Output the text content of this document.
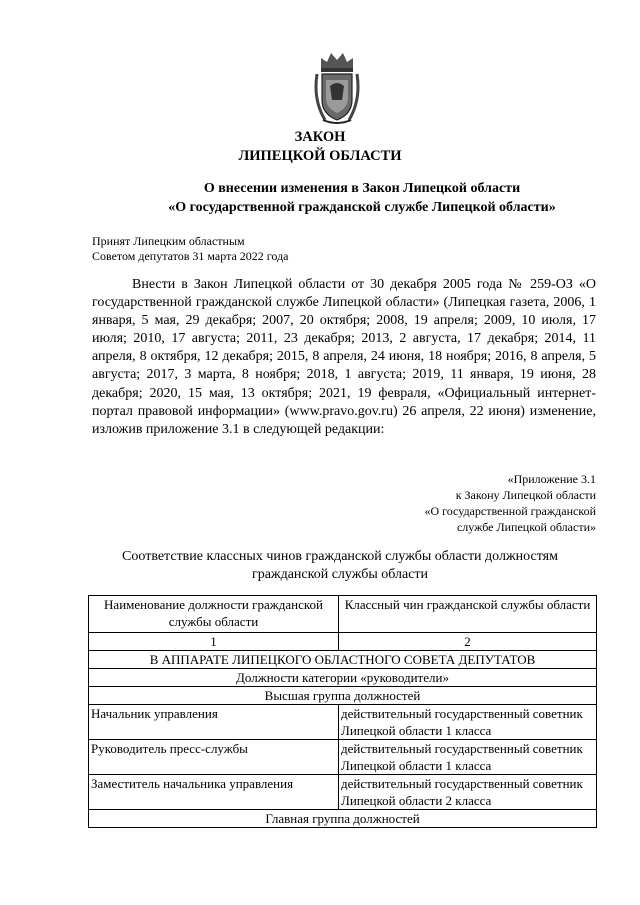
ЗАКОН
ЛИПЕЦКОЙ ОБЛАСТИ
О внесении изменения в Закон Липецкой области
«О государственной гражданской службе Липецкой области»
Принят Липецким областным
Советом депутатов 31 марта 2022 года
Внести в Закон Липецкой области от 30 декабря 2005 года № 259-ОЗ «О государственной гражданской службе Липецкой области» (Липецкая газета, 2006, 1 января, 5 мая, 29 декабря; 2007, 20 октября; 2008, 19 апреля; 2009, 10 июля, 17 июля; 2010, 17 августа; 2011, 23 декабря; 2013, 2 августа, 17 декабря; 2014, 11 апреля, 8 октября, 12 декабря; 2015, 8 апреля, 24 июня, 18 ноября; 2016, 8 апреля, 5 августа; 2017, 3 марта, 8 ноября; 2018, 1 августа; 2019, 11 января, 19 июня, 28 декабря; 2020, 15 мая, 13 октября; 2021, 19 февраля, «Официальный интернет-портал правовой информации» (www.pravo.gov.ru) 26 апреля, 22 июня) изменение, изложив приложение 3.1 в следующей редакции:
«Приложение 3.1
к Закону Липецкой области
«О государственной гражданской
службе Липецкой области»
Соответствие классных чинов гражданской службы области должностям
гражданской службы области
Наименование должности гражданской службы области	Классный чин гражданской службы области
1	2
В АППАРАТЕ ЛИПЕЦКОГО ОБЛАСТНОГО СОВЕТА ДЕПУТАТОВ	
Должности категории «руководители»	
Высшая группа должностей	
Начальник управления	действительный государственный советник Липецкой области 1 класса
Руководитель пресс-службы	действительный государственный советник Липецкой области 1 класса
Заместитель начальника управления	действительный государственный советник Липецкой области 2 класса
Главная группа должностей	
